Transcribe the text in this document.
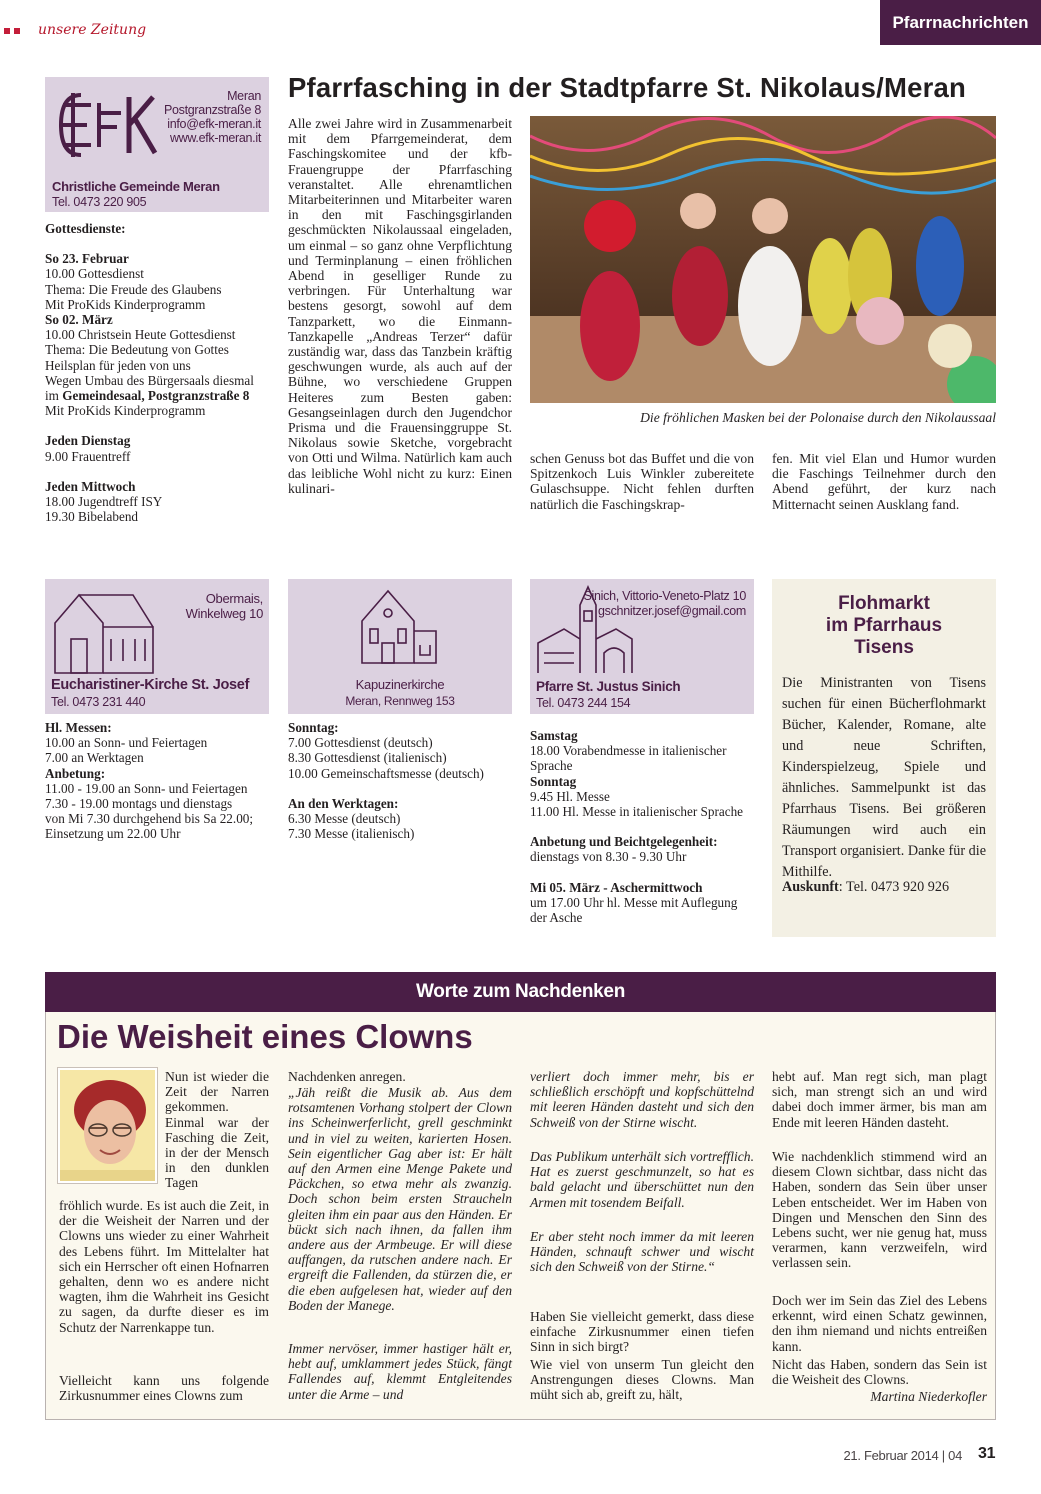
unsere Zeitung	Pfarrnachrichten
Meran
Postgranzstraße 8
info@efk-meran.it
www.efk-meran.it
Christliche Gemeinde Meran
Tel. 0473 220 905
Gottesdienste:
So 23. Februar
10.00 Gottesdienst
Thema: Die Freude des Glaubens
Mit ProKids Kinderprogramm
So 02. März
10.00 Christsein Heute Gottesdienst
Thema: Die Bedeutung von Gottes
Heilsplan für jeden von uns
Wegen Umbau des Bürgersaals diesmal
im Gemeindesaal, Postgranzstraße 8
Mit ProKids Kinderprogramm
Jeden Dienstag
9.00 Frauentreff
Jeden Mittwoch
18.00 Jugendtreff ISY
19.30 Bibelabend
Pfarrfasching in der Stadtpfarre St. Nikolaus/Meran
Alle zwei Jahre wird in Zusammenarbeit mit dem Pfarrgemeinderat, dem Faschingskomitee und der kfb-Frauengruppe der Pfarrfasching veranstaltet. Alle ehrenamtlichen Mitarbeiterinnen und Mitarbeiter waren in den mit Faschingsgirlanden geschmückten Nikolaussaal eingeladen, um einmal – so ganz ohne Verpflichtung und Terminplanung – einen fröhlichen Abend in geselliger Runde zu verbringen. Für Unterhaltung war bestens gesorgt, sowohl auf dem Tanzparkett, wo die Einmann-Tanzkapelle „Andreas Terzer“ dafür zuständig war, dass das Tanzbein kräftig geschwungen wurde, als auch auf der Bühne, wo verschiedene Gruppen Heiteres zum Besten gaben: Gesangseinlagen durch den Jugendchor Prisma und die Frauensinggruppe St. Nikolaus sowie Sketche, vorgebracht von Otti und Wilma. Natürlich kam auch das leibliche Wohl nicht zu kurz: Einen kulinari-
Die fröhlichen Masken bei der Polonaise durch den Nikolaussaal
schen Genuss bot das Buffet und die von Spitzenkoch Luis Winkler zubereitete Gulaschsuppe. Nicht fehlen durften natürlich die Faschingskrap-
fen. Mit viel Elan und Humor wurden die Faschings Teilnehmer durch den Abend geführt, der kurz nach Mitternacht seinen Ausklang fand.
Obermais,
Winkelweg 10
Eucharistiner-Kirche St. Josef
Tel. 0473 231 440
Hl. Messen:
10.00 an Sonn- und Feiertagen
7.00 an Werktagen
Anbetung:
11.00 - 19.00 an Sonn- und Feiertagen
7.30 - 19.00 montags und dienstags
von Mi 7.30 durchgehend bis Sa 22.00;
Einsetzung um 22.00 Uhr
Kapuzinerkirche
Meran, Rennweg 153
Sonntag:
7.00 Gottesdienst (deutsch)
8.30 Gottesdienst (italienisch)
10.00 Gemeinschaftsmesse (deutsch)
An den Werktagen:
6.30 Messe (deutsch)
7.30 Messe (italienisch)
Sinich, Vittorio-Veneto-Platz 10
gschnitzer.josef@gmail.com
Pfarre St. Justus Sinich
Tel. 0473 244 154
Samstag
18.00 Vorabendmesse in italienischer
Sprache
Sonntag
9.45 Hl. Messe
11.00 Hl. Messe in italienischer Sprache
Anbetung und Beichtgelegenheit:
dienstags von 8.30 - 9.30 Uhr
Mi 05. März - Aschermittwoch
um 17.00 Uhr hl. Messe mit Auflegung
der Asche
Flohmarkt
im Pfarrhaus
Tisens
Die Ministranten von Tisens suchen für einen Bücherflohmarkt Bücher, Kalender, Romane, alte und neue Schriften, Kinderspielzeug, Spiele und ähnliches. Sammelpunkt ist das Pfarrhaus Tisens. Bei größeren Räumungen wird auch ein Transport organisiert. Danke für die Mithilfe.
Auskunft: Tel. 0473 920 926
Worte zum Nachdenken
Die Weisheit eines Clowns
Nun ist wieder die Zeit der Narren gekommen. Einmal war der Fasching die Zeit, in der der Mensch in den dunklen Tagen
fröhlich wurde. Es ist auch die Zeit, in der die Weisheit der Narren und der Clowns uns wieder zu einer Wahrheit des Lebens führt. Im Mittelalter hat sich ein Herrscher oft einen Hofnarren gehalten, denn wo es andere nicht wagten, ihm die Wahrheit ins Gesicht zu sagen, da durfte dieser es im Schutz der Narrenkappe tun.
Vielleicht kann uns folgende Zirkusnummer eines Clowns zum
Nachdenken anregen.
„Jäh reißt die Musik ab. Aus dem rotsamtenen Vorhang stolpert der Clown ins Scheinwerferlicht, grell geschminkt und in viel zu weiten, karierten Hosen. Sein eigentlicher Gag aber ist: Er hält auf den Armen eine Menge Pakete und Päckchen, so etwa mehr als zwanzig. Doch schon beim ersten Straucheln gleiten ihm ein paar aus den Händen. Er bückt sich nach ihnen, da fallen ihm andere aus der Armbeuge. Er will diese auffangen, da rutschen andere nach. Er ergreift die Fallenden, da stürzen die, er die eben aufgelesen hat, wieder auf den Boden der Manege.
Immer nervöser, immer hastiger hält er, hebt auf, umklammert jedes Stück, fängt Fallendes auf, klemmt Entgleitendes unter die Arme – und
verliert doch immer mehr, bis er schließlich erschöpft und kopfschüttelnd mit leeren Händen dasteht und sich den Schweiß von der Stirne wischt.
Das Publikum unterhält sich vortrefflich. Hat es zuerst geschmunzelt, so hat es bald gelacht und überschüttet nun den Armen mit tosendem Beifall.
Er aber steht noch immer da mit leeren Händen, schnauft schwer und wischt sich den Schweiß von der Stirne.“
Haben Sie vielleicht gemerkt, dass diese einfache Zirkusnummer einen tiefen Sinn in sich birgt?
Wie viel von unserm Tun gleicht den Anstrengungen dieses Clowns. Man müht sich ab, greift zu, hält,
hebt auf. Man regt sich, man plagt sich, man strengt sich an und wird dabei doch immer ärmer, bis man am Ende mit leeren Händen dasteht.
Wie nachdenklich stimmend wird an diesem Clown sichtbar, dass nicht das Haben, sondern das Sein über unser Leben entscheidet. Wer im Haben von Dingen und Menschen den Sinn des Lebens sucht, wer nie genug hat, muss verarmen, kann verzweifeln, wird verlassen sein.
Doch wer im Sein das Ziel des Lebens erkennt, wird einen Schatz gewinnen, den ihm niemand und nichts entreißen kann.
Nicht das Haben, sondern das Sein ist die Weisheit des Clowns.
Martina Niederkofler
21. Februar 2014 | 04 31
